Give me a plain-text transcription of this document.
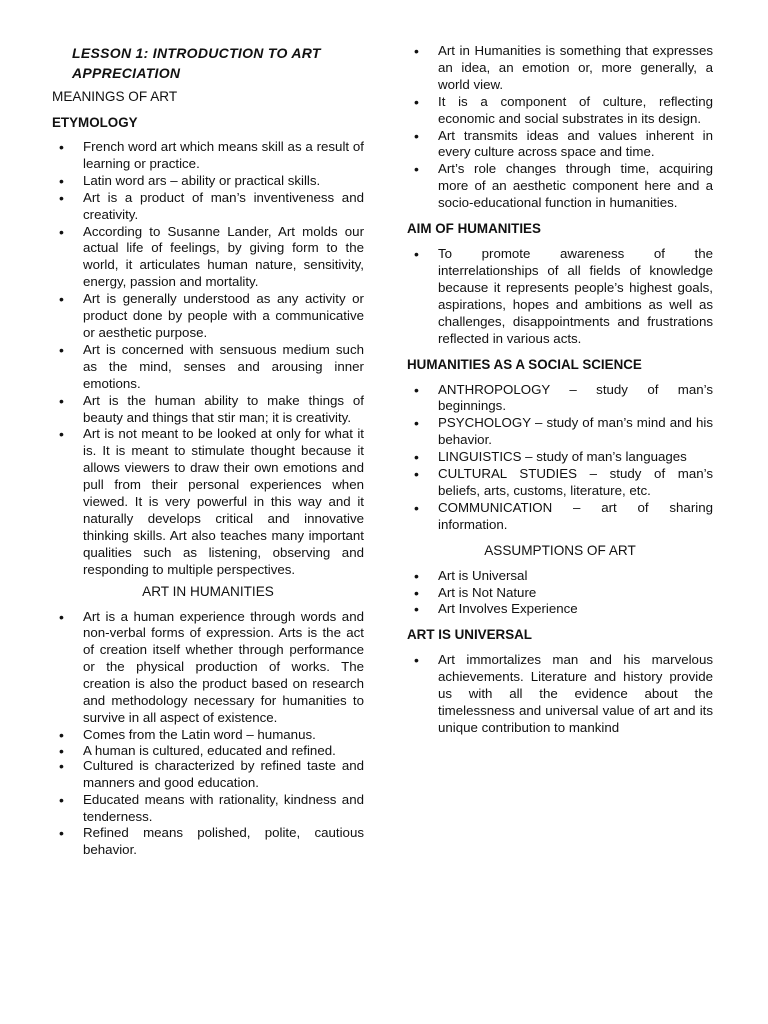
LESSON 1: INTRODUCTION TO ART APPRECIATION
MEANINGS OF ART
ETYMOLOGY
• French word art which means skill as a result of learning or practice.
• Latin word ars – ability or practical skills.
• Art is a product of man’s inventiveness and creativity.
• According to Susanne Lander, Art molds our actual life of feelings, by giving form to the world, it articulates human nature, sensitivity, energy, passion and mortality.
• Art is generally understood as any activity or product done by people with a communicative or aesthetic purpose.
• Art is concerned with sensuous medium such as the mind, senses and arousing inner emotions.
• Art is the human ability to make things of beauty and things that stir man; it is creativity.
• Art is not meant to be looked at only for what it is. It is meant to stimulate thought because it allows viewers to draw their own emotions and pull from their personal experiences when viewed. It is very powerful in this way and it naturally develops critical and innovative thinking skills. Art also teaches many important qualities such as listening, observing and responding to multiple perspectives.
ART IN HUMANITIES
• Art is a human experience through words and non-verbal forms of expression. Arts is the act of creation itself whether through performance or the physical production of works. The creation is also the product based on research and methodology necessary for humanities to survive in all aspect of existence.
• Comes from the Latin word – humanus.
• A human is cultured, educated and refined.
• Cultured is characterized by refined taste and manners and good education.
• Educated means with rationality, kindness and tenderness.
• Refined means polished, polite, cautious behavior.
• Art in Humanities is something that expresses an idea, an emotion or, more generally, a world view.
• It is a component of culture, reflecting economic and social substrates in its design.
• Art transmits ideas and values inherent in every culture across space and time.
• Art’s role changes through time, acquiring more of an aesthetic component here and a socio-educational function in humanities.
AIM OF HUMANITIES
• To promote awareness of the interrelationships of all fields of knowledge because it represents people’s highest goals, aspirations, hopes and ambitions as well as challenges, disappointments and frustrations reflected in various acts.
HUMANITIES AS A SOCIAL SCIENCE
• ANTHROPOLOGY – study of man’s beginnings.
• PSYCHOLOGY – study of man’s mind and his behavior.
• LINGUISTICS – study of man’s languages
• CULTURAL STUDIES – study of man’s beliefs, arts, customs, literature, etc.
• COMMUNICATION – art of sharing information.
ASSUMPTIONS OF ART
• Art is Universal
• Art is Not Nature
• Art Involves Experience
ART IS UNIVERSAL
• Art immortalizes man and his marvelous achievements. Literature and history provide us with all the evidence about the timelessness and universal value of art and its unique contribution to mankind
